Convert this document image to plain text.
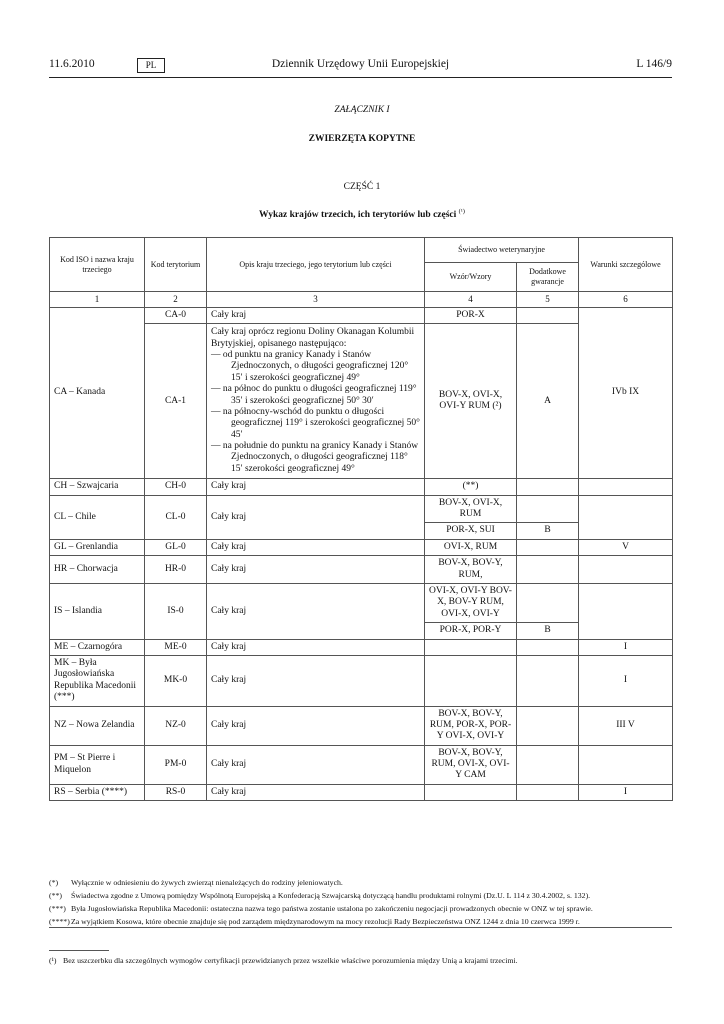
11.6.2010	PL	Dziennik Urzędowy Unii Europejskiej	L 146/9
ZAŁĄCZNIK I
ZWIERZĘTA KOPYTNE
CZĘŚĆ 1
Wykaz krajów trzecich, ich terytoriów lub części $^{(^1)}$
Kod ISO i nazwa kraju trzeciego	Kod terytorium	Opis kraju trzeciego, jego terytorium lub części	Świadectwo weterynaryjne		Warunki szczególowe
			Wzór/Wzory	Dodatkowe gwarancje	
1	2	3	4	5	6
CA – Kanada	CA-0	Cały kraj	POR-X		IVb IX
	CA-1	Cały kraj oprócz regionu Doliny Okanagan Kolumbii Brytyjskiej, opisanego następująco:
— od punktu na granicy Kanady i Stanów Zjednoczonych, o długości geograficznej 120° 15′ i szerokości geograficznej 49°
— na północ do punktu o długości geograficznej 119° 35′ i szerokości geograficznej 50° 30′
— na północny-wschód do punktu o długości geograficznej 119° i szerokości geograficznej 50° 45′
— na południe do punktu na granicy Kanady i Stanów Zjednoczonych, o długości geograficznej 118° 15′ szerokości geograficznej 49°	BOV-X, OVI-X, OVI-Y RUM (²)	A	
CH – Szwajcaria	CH-0	Cały kraj	(**)		
CL – Chile	CL-0	Cały kraj	BOV-X, OVI-X, RUM		
			POR-X, SUI	B	
GL – Grenlandia	GL-0	Cały kraj	OVI-X, RUM		V
HR – Chorwacja	HR-0	Cały kraj	BOV-X, BOV-Y, RUM,		
IS – Islandia	IS-0	Cały kraj	OVI-X, OVI-Y BOV-X, BOV-Y RUM, OVI-X, OVI-Y		
			POR-X, POR-Y	B	
ME – Czarnogóra	ME-0	Cały kraj			I
MK – Była Jugosłowiańska Republika Macedonii (***)	MK-0	Cały kraj			I
NZ – Nowa Zelandia	NZ-0	Cały kraj	BOV-X, BOV-Y, RUM, POR-X, POR-Y OVI-X, OVI-Y		III V
PM – St Pierre i Miquelon	PM-0	Cały kraj	BOV-X, BOV-Y, RUM, OVI-X, OVI-Y CAM		
RS – Serbia (****)	RS-0	Cały kraj			I
(*)	Wyłącznie w odniesieniu do żywych zwierząt nienależących do rodziny jeleniowatych.
(**)	Świadectwa zgodne z Umową pomiędzy Wspólnotą Europejską a Konfederacją Szwajcarską dotyczącą handlu produktami rolnymi (Dz.U. L 114 z 30.4.2002, s. 132).
(***) Była Jugosłowiańska Republika Macedonii: ostateczna nazwa tego państwa zostanie ustalona po zakończeniu negocjacji prowadzonych obecnie w ONZ w tej sprawie.
(****) Za wyjątkiem Kosowa, które obecnie znajduje się pod zarządem międzynarodowym na mocy rezolucji Rady Bezpieczeństwa ONZ 1244 z dnia 10 czerwca 1999 r.
(¹) Bez uszczerbku dla szczególnych wymogów certyfikacji przewidzianych przez wszelkie właściwe porozumienia między Unią a krajami trzecimi.
